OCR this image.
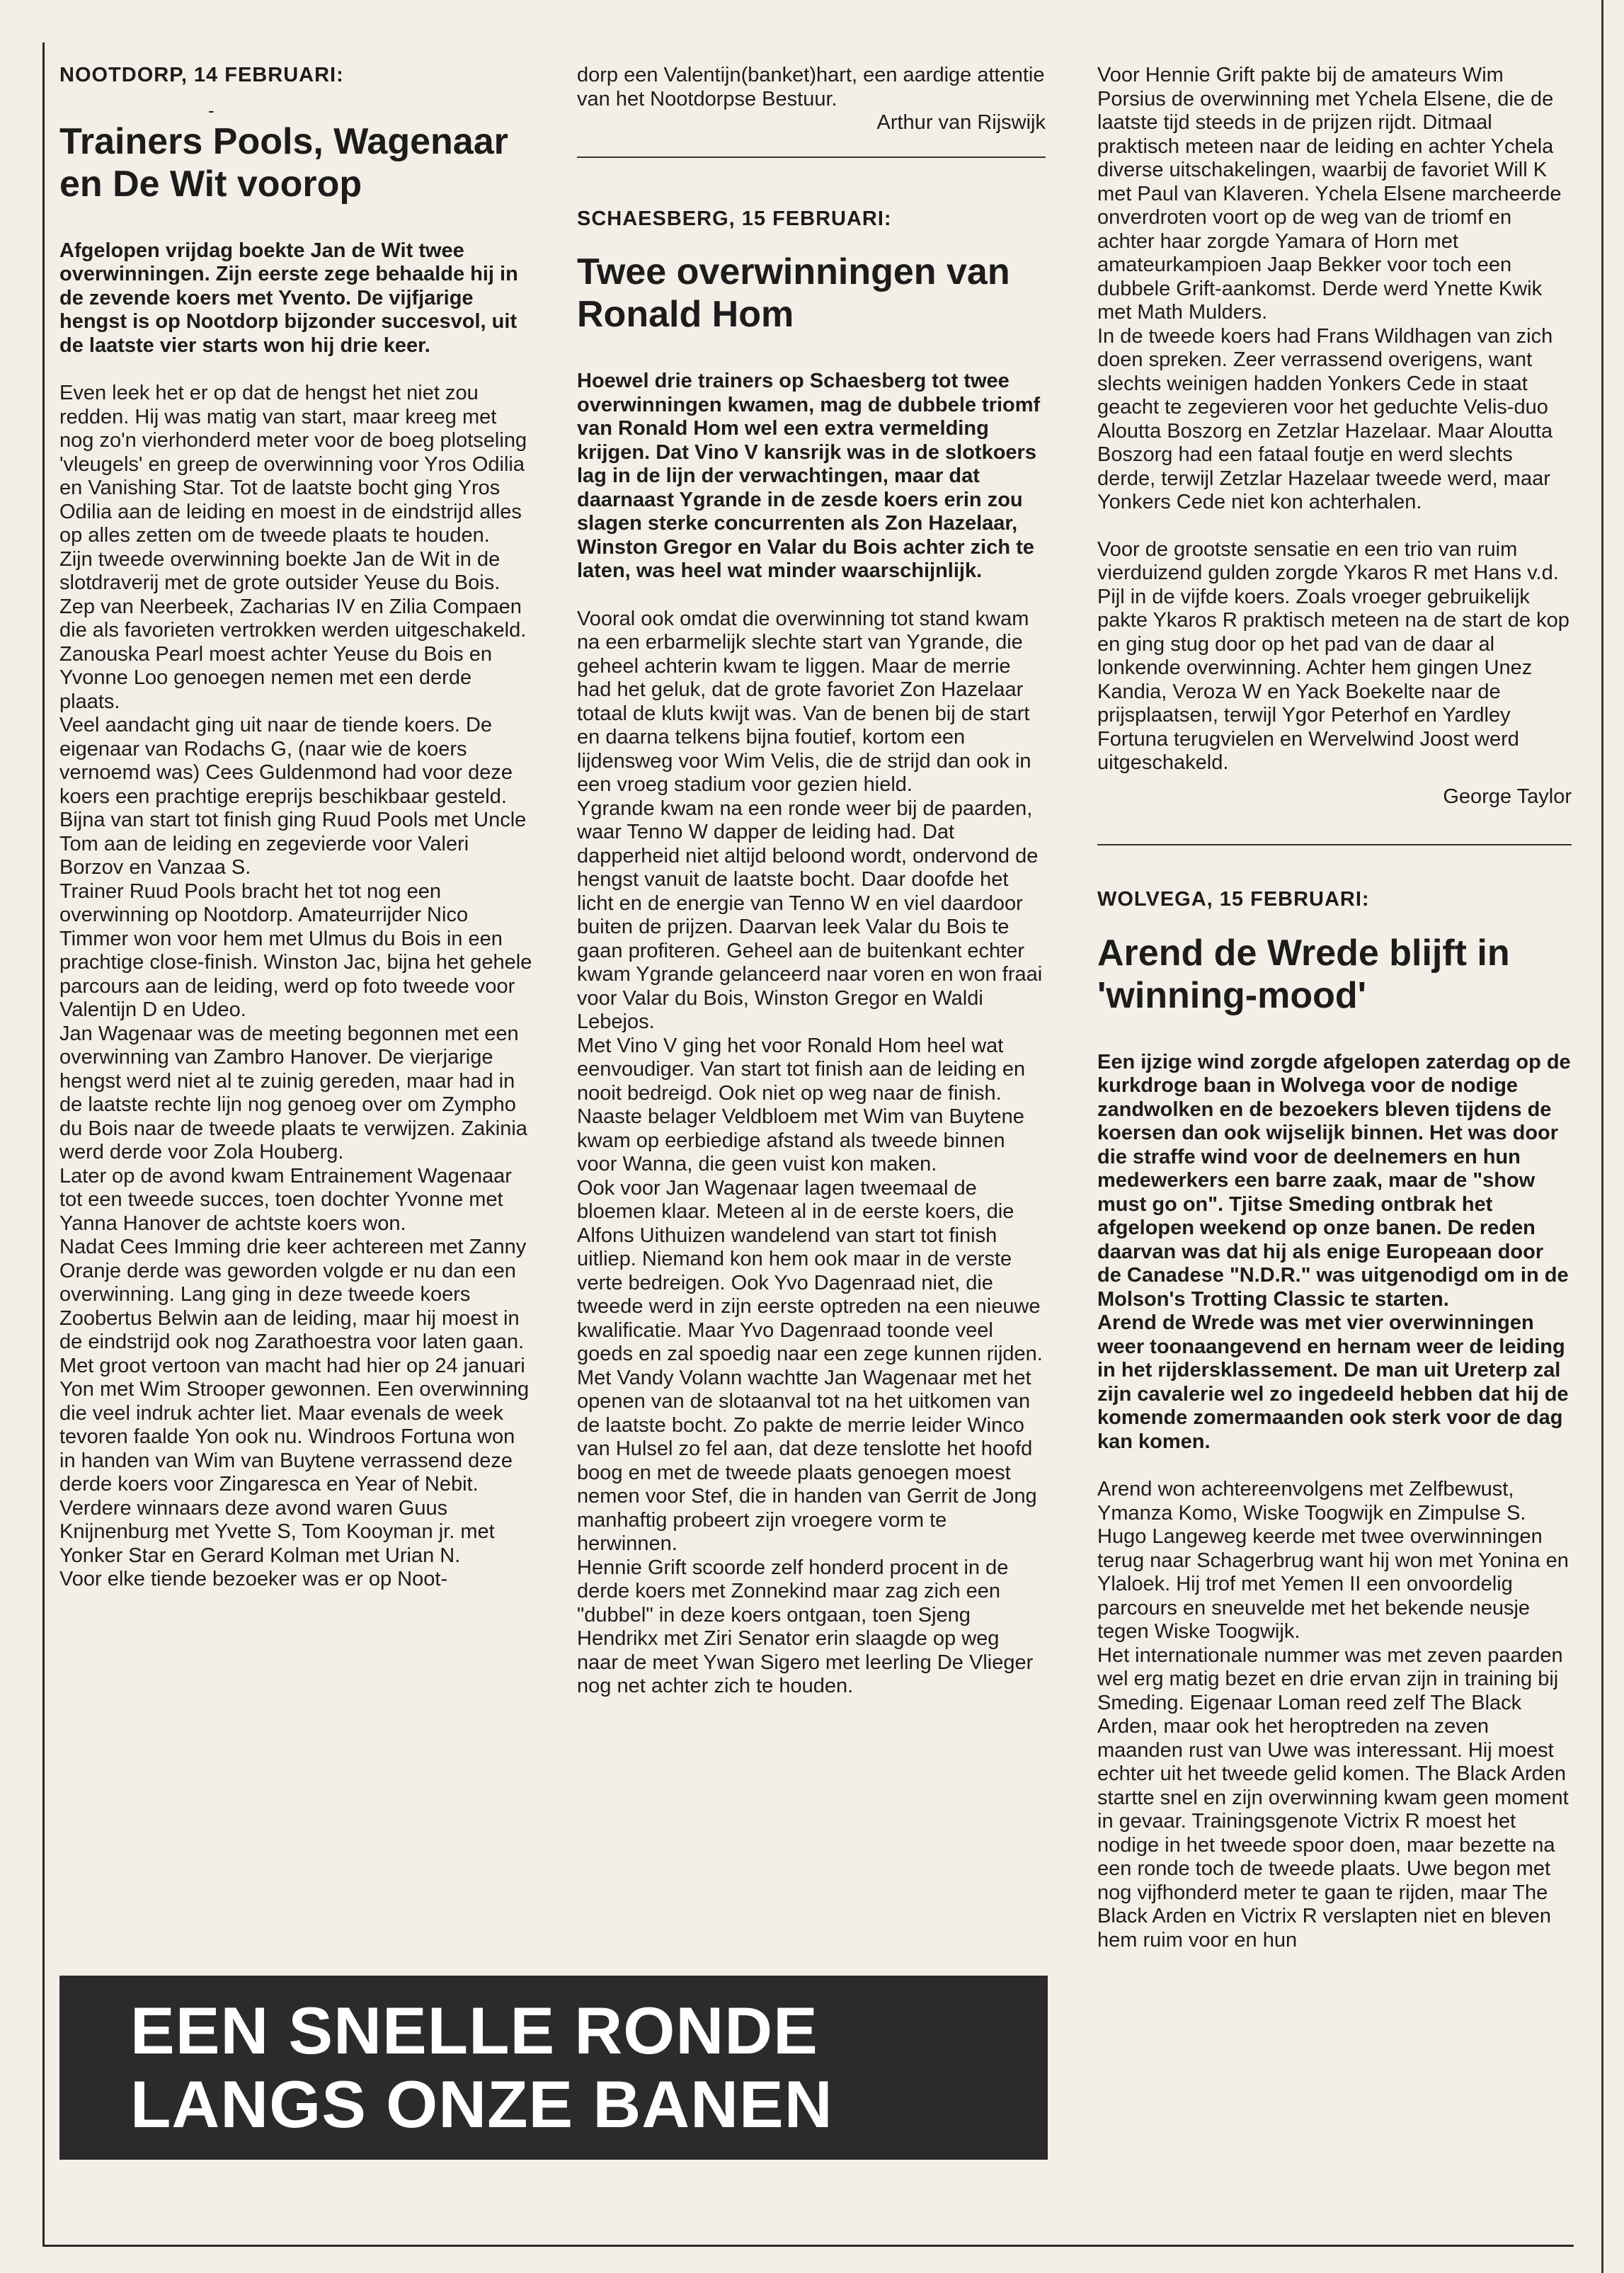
NOOTDORP, 14 FEBRUARI:
-
Trainers Pools, Wagenaar en De Wit voorop
Afgelopen vrijdag boekte Jan de Wit twee overwinningen. Zijn eerste zege behaalde hij in de zevende koers met Yvento. De vijfjarige hengst is op Nootdorp bijzonder succesvol, uit de laatste vier starts won hij drie keer.

Even leek het er op dat de hengst het niet zou redden. Hij was matig van start, maar kreeg met nog zo'n vierhonderd meter voor de boeg plotseling 'vleugels' en greep de overwinning voor Yros Odilia en Vanishing Star. Tot de laatste bocht ging Yros Odilia aan de leiding en moest in de eindstrijd alles op alles zetten om de tweede plaats te houden.

Zijn tweede overwinning boekte Jan de Wit in de slotdraverij met de grote outsider Yeuse du Bois. Zep van Neerbeek, Zacharias IV en Zilia Compaen die als favorieten vertrokken werden uitgeschakeld. Zanouska Pearl moest achter Yeuse du Bois en Yvonne Loo genoegen nemen met een derde plaats.

Veel aandacht ging uit naar de tiende koers. De eigenaar van Rodachs G, (naar wie de koers vernoemd was) Cees Guldenmond had voor deze koers een prachtige ereprijs beschikbaar gesteld. Bijna van start tot finish ging Ruud Pools met Uncle Tom aan de leiding en zegevierde voor Valeri Borzov en Vanzaa S.

Trainer Ruud Pools bracht het tot nog een overwinning op Nootdorp. Amateurrijder Nico Timmer won voor hem met Ulmus du Bois in een prachtige close-finish. Winston Jac, bijna het gehele parcours aan de leiding, werd op foto tweede voor Valentijn D en Udeo.

Jan Wagenaar was de meeting begonnen met een overwinning van Zambro Hanover. De vierjarige hengst werd niet al te zuinig gereden, maar had in de laatste rechte lijn nog genoeg over om Zympho du Bois naar de tweede plaats te verwijzen. Zakinia werd derde voor Zola Houberg.

Later op de avond kwam Entrainement Wagenaar tot een tweede succes, toen dochter Yvonne met Yanna Hanover de achtste koers won.

Nadat Cees Imming drie keer achtereen met Zanny Oranje derde was geworden volgde er nu dan een overwinning. Lang ging in deze tweede koers Zoobertus Belwin aan de leiding, maar hij moest in de eindstrijd ook nog Zarathoestra voor laten gaan.

Met groot vertoon van macht had hier op 24 januari Yon met Wim Strooper gewonnen. Een overwinning die veel indruk achter liet. Maar evenals de week tevoren faalde Yon ook nu. Windroos Fortuna won in handen van Wim van Buytene verrassend deze derde koers voor Zingaresca en Year of Nebit.

Verdere winnaars deze avond waren Guus Knijnenburg met Yvette S, Tom Kooyman jr. met Yonker Star en Gerard Kolman met Urian N.

Voor elke tiende bezoeker was er op Noot-

dorp een Valentijn(banket)hart, een aardige attentie van het Nootdorpse Bestuur.

Arthur van Rijswijk
SCHAESBERG, 15 FEBRUARI:
Twee overwinningen van Ronald Hom
Hoewel drie trainers op Schaesberg tot twee overwinningen kwamen, mag de dubbele triomf van Ronald Hom wel een extra vermelding krijgen. Dat Vino V kansrijk was in de slotkoers lag in de lijn der verwachtingen, maar dat daarnaast Ygrande in de zesde koers erin zou slagen sterke concurrenten als Zon Hazelaar, Winston Gregor en Valar du Bois achter zich te laten, was heel wat minder waarschijnlijk.

Vooral ook omdat die overwinning tot stand kwam na een erbarmelijk slechte start van Ygrande, die geheel achterin kwam te liggen. Maar de merrie had het geluk, dat de grote favoriet Zon Hazelaar totaal de kluts kwijt was. Van de benen bij de start en daarna telkens bijna foutief, kortom een lijdensweg voor Wim Velis, die de strijd dan ook in een vroeg stadium voor gezien hield.

Ygrande kwam na een ronde weer bij de paarden, waar Tenno W dapper de leiding had. Dat dapperheid niet altijd beloond wordt, ondervond de hengst vanuit de laatste bocht. Daar doofde het licht en de energie van Tenno W en viel daardoor buiten de prijzen. Daarvan leek Valar du Bois te gaan profiteren. Geheel aan de buitenkant echter kwam Ygrande gelanceerd naar voren en won fraai voor Valar du Bois, Winston Gregor en Waldi Lebejos.

Met Vino V ging het voor Ronald Hom heel wat eenvoudiger. Van start tot finish aan de leiding en nooit bedreigd. Ook niet op weg naar de finish. Naaste belager Veldbloem met Wim van Buytene kwam op eerbiedige afstand als tweede binnen voor Wanna, die geen vuist kon maken.

Ook voor Jan Wagenaar lagen tweemaal de bloemen klaar. Meteen al in de eerste koers, die Alfons Uithuizen wandelend van start tot finish uitliep. Niemand kon hem ook maar in de verste verte bedreigen. Ook Yvo Dagenraad niet, die tweede werd in zijn eerste optreden na een nieuwe kwalificatie. Maar Yvo Dagenraad toonde veel goeds en zal spoedig naar een zege kunnen rijden.

Met Vandy Volann wachtte Jan Wagenaar met het openen van de slotaanval tot na het uitkomen van de laatste bocht. Zo pakte de merrie leider Winco van Hulsel zo fel aan, dat deze tenslotte het hoofd boog en met de tweede plaats genoegen moest nemen voor Stef, die in handen van Gerrit de Jong manhaftig probeert zijn vroegere vorm te herwinnen.

Hennie Grift scoorde zelf honderd procent in de derde koers met Zonnekind maar zag zich een "dubbel" in deze koers ontgaan, toen Sjeng Hendrikx met Ziri Senator erin slaagde op weg naar de meet Ywan Sigero met leerling De Vlieger nog net achter zich te houden.

Voor Hennie Grift pakte bij de amateurs Wim Porsius de overwinning met Ychela Elsene, die de laatste tijd steeds in de prijzen rijdt. Ditmaal praktisch meteen naar de leiding en achter Ychela diverse uitschakelingen, waarbij de favoriet Will K met Paul van Klaveren. Ychela Elsene marcheerde onverdroten voort op de weg van de triomf en achter haar zorgde Yamara of Horn met amateurkampioen Jaap Bekker voor toch een dubbele Grift-aankomst. Derde werd Ynette Kwik met Math Mulders.

In de tweede koers had Frans Wildhagen van zich doen spreken. Zeer verrassend overigens, want slechts weinigen hadden Yonkers Cede in staat geacht te zegevieren voor het geduchte Velis-duo Aloutta Boszorg en Zetzlar Hazelaar. Maar Aloutta Boszorg had een fataal foutje en werd slechts derde, terwijl Zetzlar Hazelaar tweede werd, maar Yonkers Cede niet kon achterhalen.

Voor de grootste sensatie en een trio van ruim vierduizend gulden zorgde Ykaros R met Hans v.d. Pijl in de vijfde koers. Zoals vroeger gebruikelijk pakte Ykaros R praktisch meteen na de start de kop en ging stug door op het pad van de daar al lonkende overwinning. Achter hem gingen Unez Kandia, Veroza W en Yack Boekelte naar de prijsplaatsen, terwijl Ygor Peterhof en Yardley Fortuna terugvielen en Wervelwind Joost werd uitgeschakeld.

George Taylor
WOLVEGA, 15 FEBRUARI:
Arend de Wrede blijft in 'winning-mood'

Een ijzige wind zorgde afgelopen zaterdag op de kurkdroge baan in Wolvega voor de nodige zandwolken en de bezoekers bleven tijdens de koersen dan ook wijselijk binnen. Het was door die straffe wind voor de deelnemers en hun medewerkers een barre zaak, maar de "show must go on". Tjitse Smeding ontbrak het afgelopen weekend op onze banen. De reden daarvan was dat hij als enige Europeaan door de Canadese "N.D.R." was uitgenodigd om in de Molson's Trotting Classic te starten.

Arend de Wrede was met vier overwinningen weer toonaangevend en hernam weer de leiding in het rijdersklassement. De man uit Ureterp zal zijn cavalerie wel zo ingedeeld hebben dat hij de komende zomermaanden ook sterk voor de dag kan komen.

Arend won achtereenvolgens met Zelfbewust, Ymanza Komo, Wiske Toogwijk en Zimpulse S. Hugo Langeweg keerde met twee overwinningen terug naar Schagerbrug want hij won met Yonina en Ylaloek. Hij trof met Yemen II een onvoordelig parcours en sneuvelde met het bekende neusje tegen Wiske Toogwijk.

Het internationale nummer was met zeven paarden wel erg matig bezet en drie ervan zijn in training bij Smeding. Eigenaar Loman reed zelf The Black Arden, maar ook het heroptreden na zeven maanden rust van Uwe was interessant. Hij moest echter uit het tweede gelid komen. The Black Arden startte snel en zijn overwinning kwam geen moment in gevaar. Trainingsgenote Victrix R moest het nodige in het tweede spoor doen, maar bezette na een ronde toch de tweede plaats. Uwe begon met nog vijfhonderd meter te gaan te rijden, maar The Black Arden en Victrix R verslapten niet en bleven hem ruim voor en hun

EEN SNELLE RONDE
LANGS ONZE BANEN
